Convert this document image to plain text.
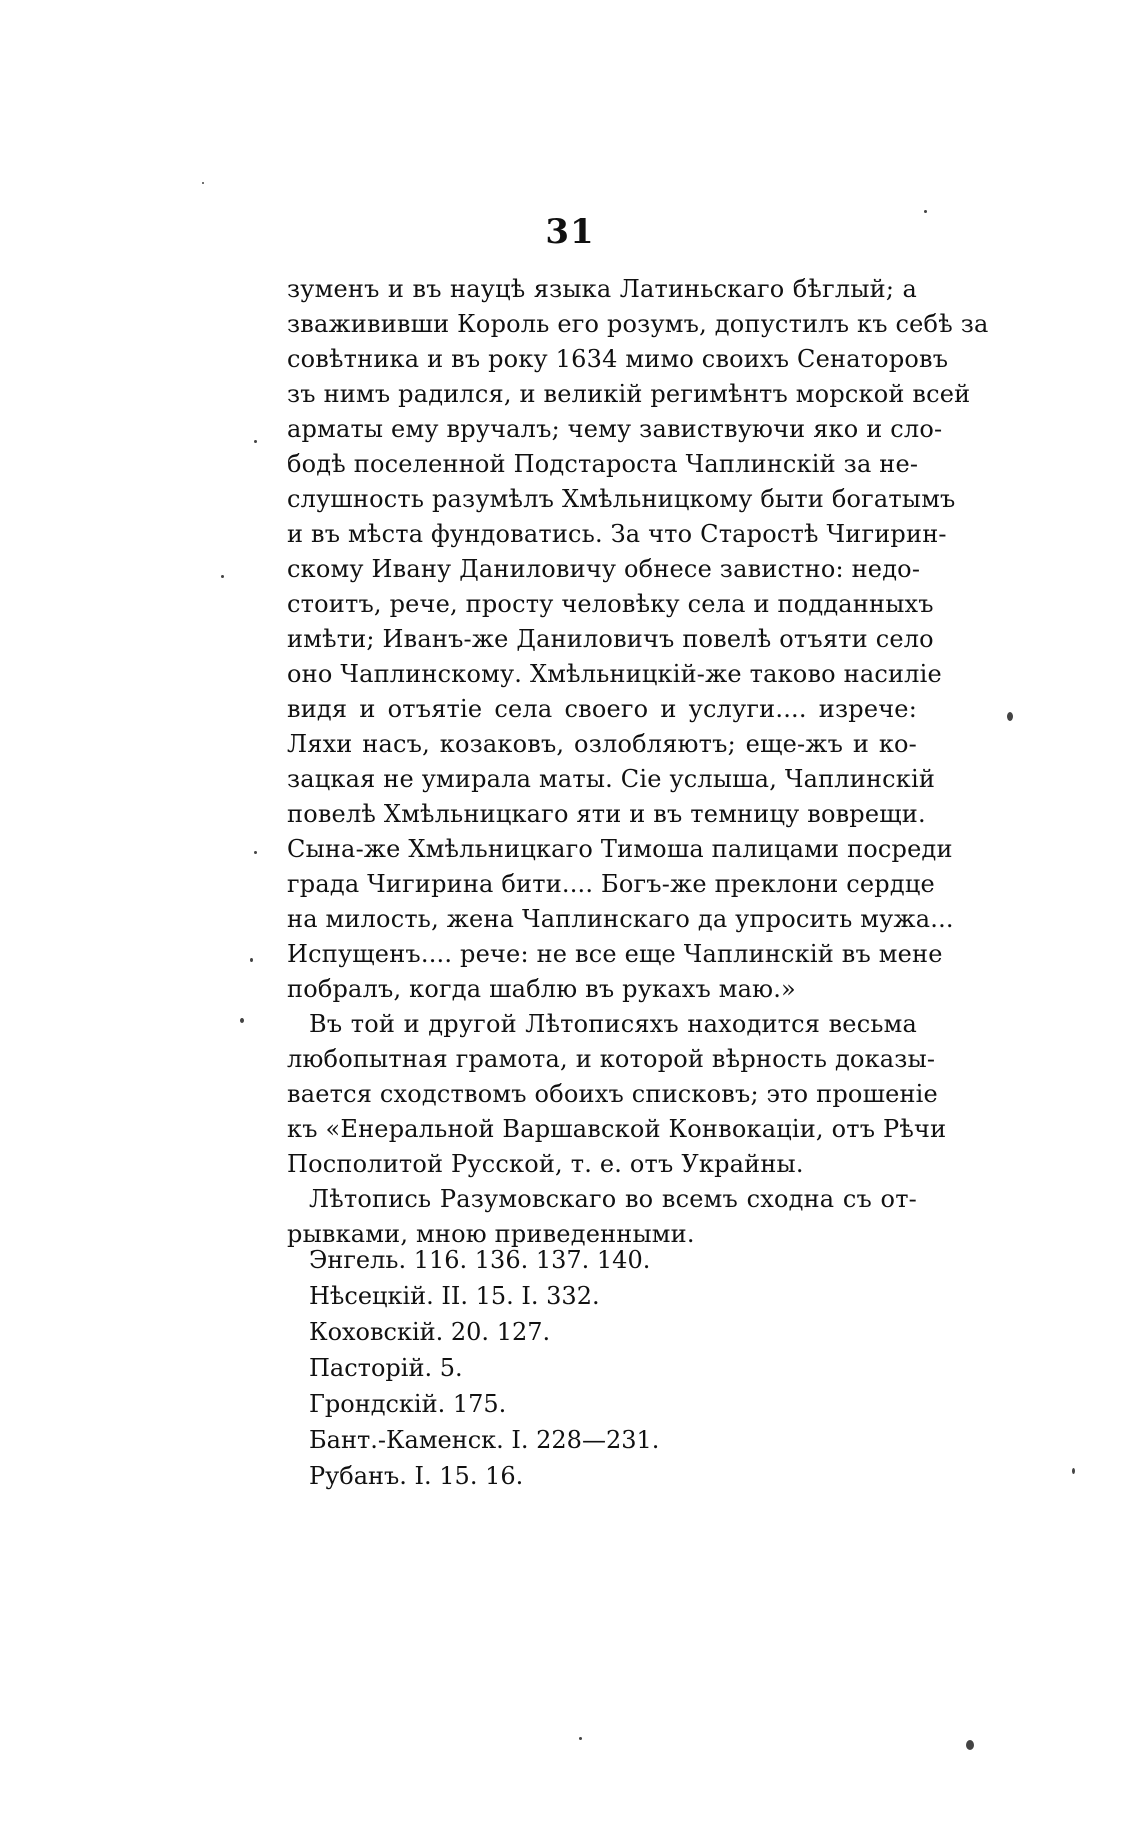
31
зуменъ и въ науцѣ языка Латиньскаго бѣглый; а
зважививши Король его розумъ, допустилъ къ себѣ за
совѣтника и въ року 1634 мимо своихъ Сенаторовъ
зъ нимъ радился, и великій регимѣнтъ морской всей
арматы ему вручалъ; чему завиствуючи яко и сло-
бодѣ поселенной Подстароста Чаплинскій за не-
слушность разумѣлъ Хмѣльницкому быти богатымъ
и въ мѣста фундоватись. За что Старостѣ Чигирин-
скому Ивану Даниловичу обнесе завистно: недо-
стоитъ, рече, просту человѣку села и подданныхъ
имѣти; Иванъ-же Даниловичъ повелѣ отъяти село
оно Чаплинскому. Хмѣльницкій-же таково насиліе
видя и отъятіе села своего и услуги.... изрече:
Ляхи насъ, козаковъ, озлобляютъ; еще-жъ и ко-
зацкая не умирала маты. Сіе услыша, Чаплинскій
повелѣ Хмѣльницкаго яти и въ темницу воврещи.
Сына-же Хмѣльницкаго Тимоша палицами посреди
града Чигирина бити.... Богъ-же преклони сердце
на милость, жена Чаплинскаго да упросить мужа...
Испущенъ.... рече: не все еще Чаплинскій въ мене
побралъ, когда шаблю въ рукахъ маю.»
Въ той и другой Лѣтописяхъ находится весьма
любопытная грамота, и которой вѣрность доказы-
вается сходствомъ обоихъ списковъ; это прошеніе
къ «Енеральной Варшавской Конвокаціи, отъ Рѣчи
Посполитой Русской, т. е. отъ Украйны.
Лѣтопись Разумовскаго во всемъ сходна съ от-
рывками, мною приведенными.
Энгель. 116. 136. 137. 140.
Нѣсецкій. II. 15. I. 332.
Коховскій. 20. 127.
Пасторій. 5.
Грондскій. 175.
Бант.-Каменск. I. 228—231.
Рубанъ. I. 15. 16.
